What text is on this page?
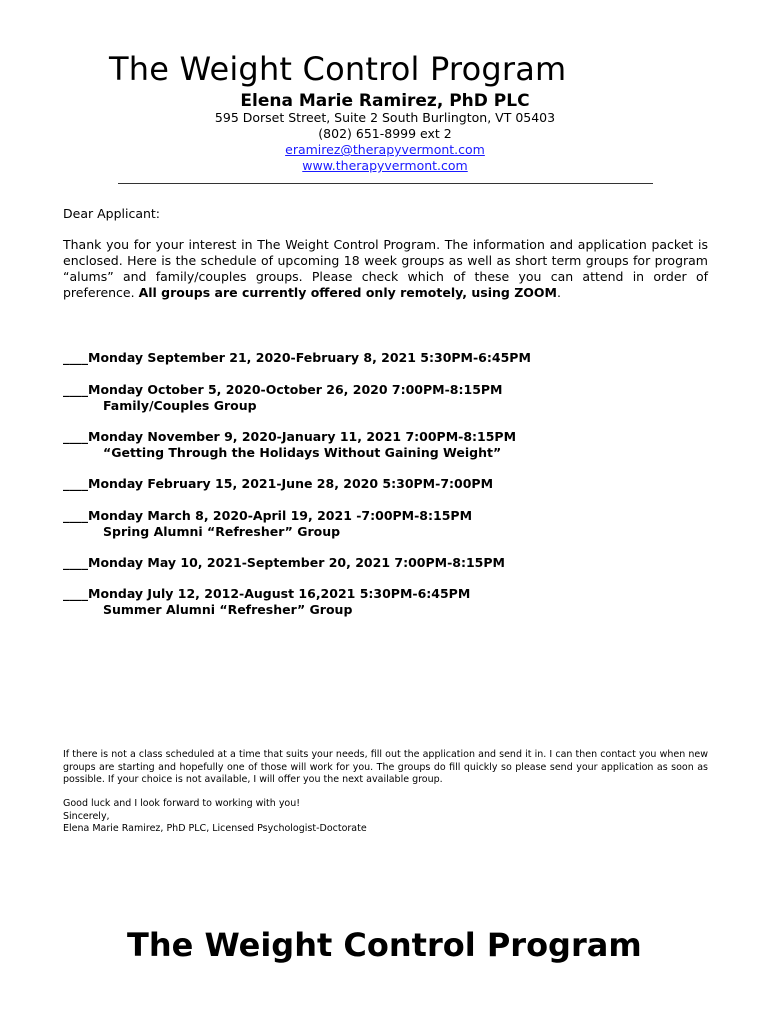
The Weight Control Program
Elena Marie Ramirez, PhD PLC
595 Dorset Street, Suite 2 South Burlington, VT 05403
(802) 651-8999 ext 2
eramirez@therapyvermont.com
www.therapyvermont.com
Dear Applicant:
Thank you for your interest in The Weight Control Program. The information and application packet is enclosed. Here is the schedule of upcoming 18 week groups as well as short term groups for program “alums” and family/couples groups. Please check which of these you can attend in order of preference. All groups are currently offered only remotely, using ZOOM.
____Monday September 21, 2020-February 8, 2021 5:30PM-6:45PM
____Monday October 5, 2020-October 26, 2020 7:00PM-8:15PM
Family/Couples Group
____Monday November 9, 2020-January 11, 2021 7:00PM-8:15PM
“Getting Through the Holidays Without Gaining Weight”
____Monday February 15, 2021-June 28, 2020 5:30PM-7:00PM
____Monday March 8, 2020-April 19, 2021 -7:00PM-8:15PM
Spring Alumni “Refresher” Group
____Monday May 10, 2021-September 20, 2021 7:00PM-8:15PM
____Monday July 12, 2012-August 16,2021 5:30PM-6:45PM
Summer Alumni “Refresher” Group
If there is not a class scheduled at a time that suits your needs, fill out the application and send it in. I can then contact you when new groups are starting and hopefully one of those will work for you. The groups do fill quickly so please send your application as soon as possible. If your choice is not available, I will offer you the next available group.
Good luck and I look forward to working with you!
Sincerely,
Elena Marie Ramirez, PhD PLC, Licensed Psychologist-Doctorate
The Weight Control Program
